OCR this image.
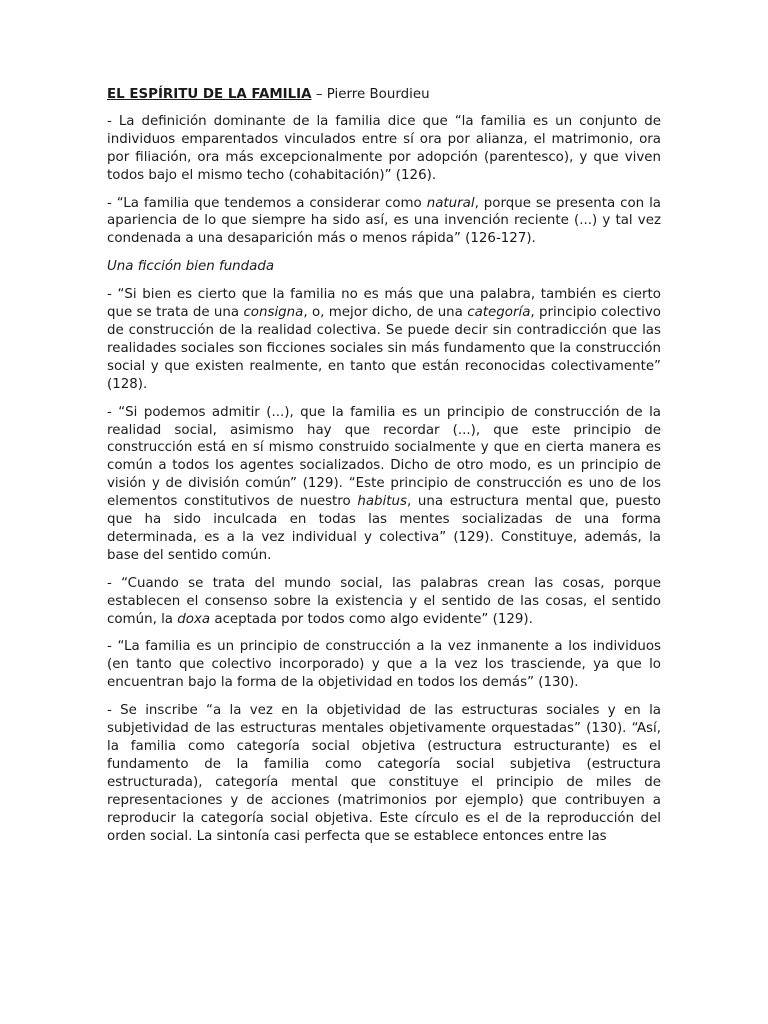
EL ESPÍRITU DE LA FAMILIA – Pierre Bourdieu

- La definición dominante de la familia dice que “la familia es un conjunto de individuos emparentados vinculados entre sí ora por alianza, el matrimonio, ora por filiación, ora más excepcionalmente por adopción (parentesco), y que viven todos bajo el mismo techo (cohabitación)” (126).

- “La familia que tendemos a considerar como natural, porque se presenta con la apariencia de lo que siempre ha sido así, es una invención reciente (...) y tal vez condenada a una desaparición más o menos rápida” (126-127).

Una ficción bien fundada

- “Si bien es cierto que la familia no es más que una palabra, también es cierto que se trata de una consigna, o, mejor dicho, de una categoría, principio colectivo de construcción de la realidad colectiva. Se puede decir sin contradicción que las realidades sociales son ficciones sociales sin más fundamento que la construcción social y que existen realmente, en tanto que están reconocidas colectivamente” (128).

- “Si podemos admitir (...), que la familia es un principio de construcción de la realidad social, asimismo hay que recordar (...), que este principio de construcción está en sí mismo construido socialmente y que en cierta manera es común a todos los agentes socializados. Dicho de otro modo, es un principio de visión y de división común” (129). “Este principio de construcción es uno de los elementos constitutivos de nuestro habitus, una estructura mental que, puesto que ha sido inculcada en todas las mentes socializadas de una forma determinada, es a la vez individual y colectiva” (129). Constituye, además, la base del sentido común.

- “Cuando se trata del mundo social, las palabras crean las cosas, porque establecen el consenso sobre la existencia y el sentido de las cosas, el sentido común, la doxa aceptada por todos como algo evidente” (129).

- “La familia es un principio de construcción a la vez inmanente a los individuos (en tanto que colectivo incorporado) y que a la vez los trasciende, ya que lo encuentran bajo la forma de la objetividad en todos los demás” (130).

- Se inscribe “a la vez en la objetividad de las estructuras sociales y en la subjetividad de las estructuras mentales objetivamente orquestadas” (130). “Así, la familia como categoría social objetiva (estructura estructurante) es el fundamento de la familia como categoría social subjetiva (estructura estructurada), categoría mental que constituye el principio de miles de representaciones y de acciones (matrimonios por ejemplo) que contribuyen a reproducir la categoría social objetiva. Este círculo es el de la reproducción del orden social. La sintonía casi perfecta que se establece entonces entre las
